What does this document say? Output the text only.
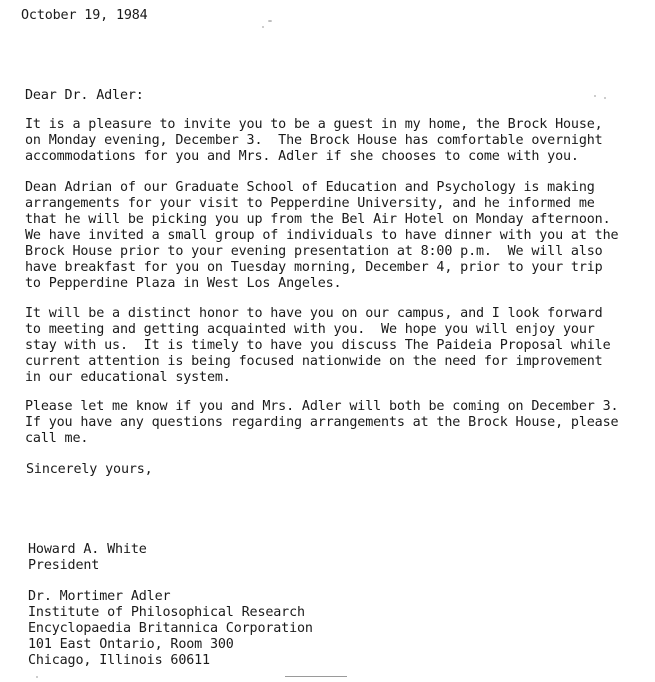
October 19, 1984
Dear Dr. Adler:
It is a pleasure to invite you to be a guest in my home, the Brock House,
on Monday evening, December 3.  The Brock House has comfortable overnight
accommodations for you and Mrs. Adler if she chooses to come with you.
Dean Adrian of our Graduate School of Education and Psychology is making
arrangements for your visit to Pepperdine University, and he informed me
that he will be picking you up from the Bel Air Hotel on Monday afternoon.
We have invited a small group of individuals to have dinner with you at the
Brock House prior to your evening presentation at 8:00 p.m.  We will also
have breakfast for you on Tuesday morning, December 4, prior to your trip
to Pepperdine Plaza in West Los Angeles.
It will be a distinct honor to have you on our campus, and I look forward
to meeting and getting acquainted with you.  We hope you will enjoy your
stay with us.  It is timely to have you discuss The Paideia Proposal while
current attention is being focused nationwide on the need for improvement
in our educational system.
Please let me know if you and Mrs. Adler will both be coming on December 3.
If you have any questions regarding arrangements at the Brock House, please
call me.
Sincerely yours,
Howard A. White
President
Dr. Mortimer Adler
Institute of Philosophical Research
Encyclopaedia Britannica Corporation
101 East Ontario, Room 300
Chicago, Illinois 60611
